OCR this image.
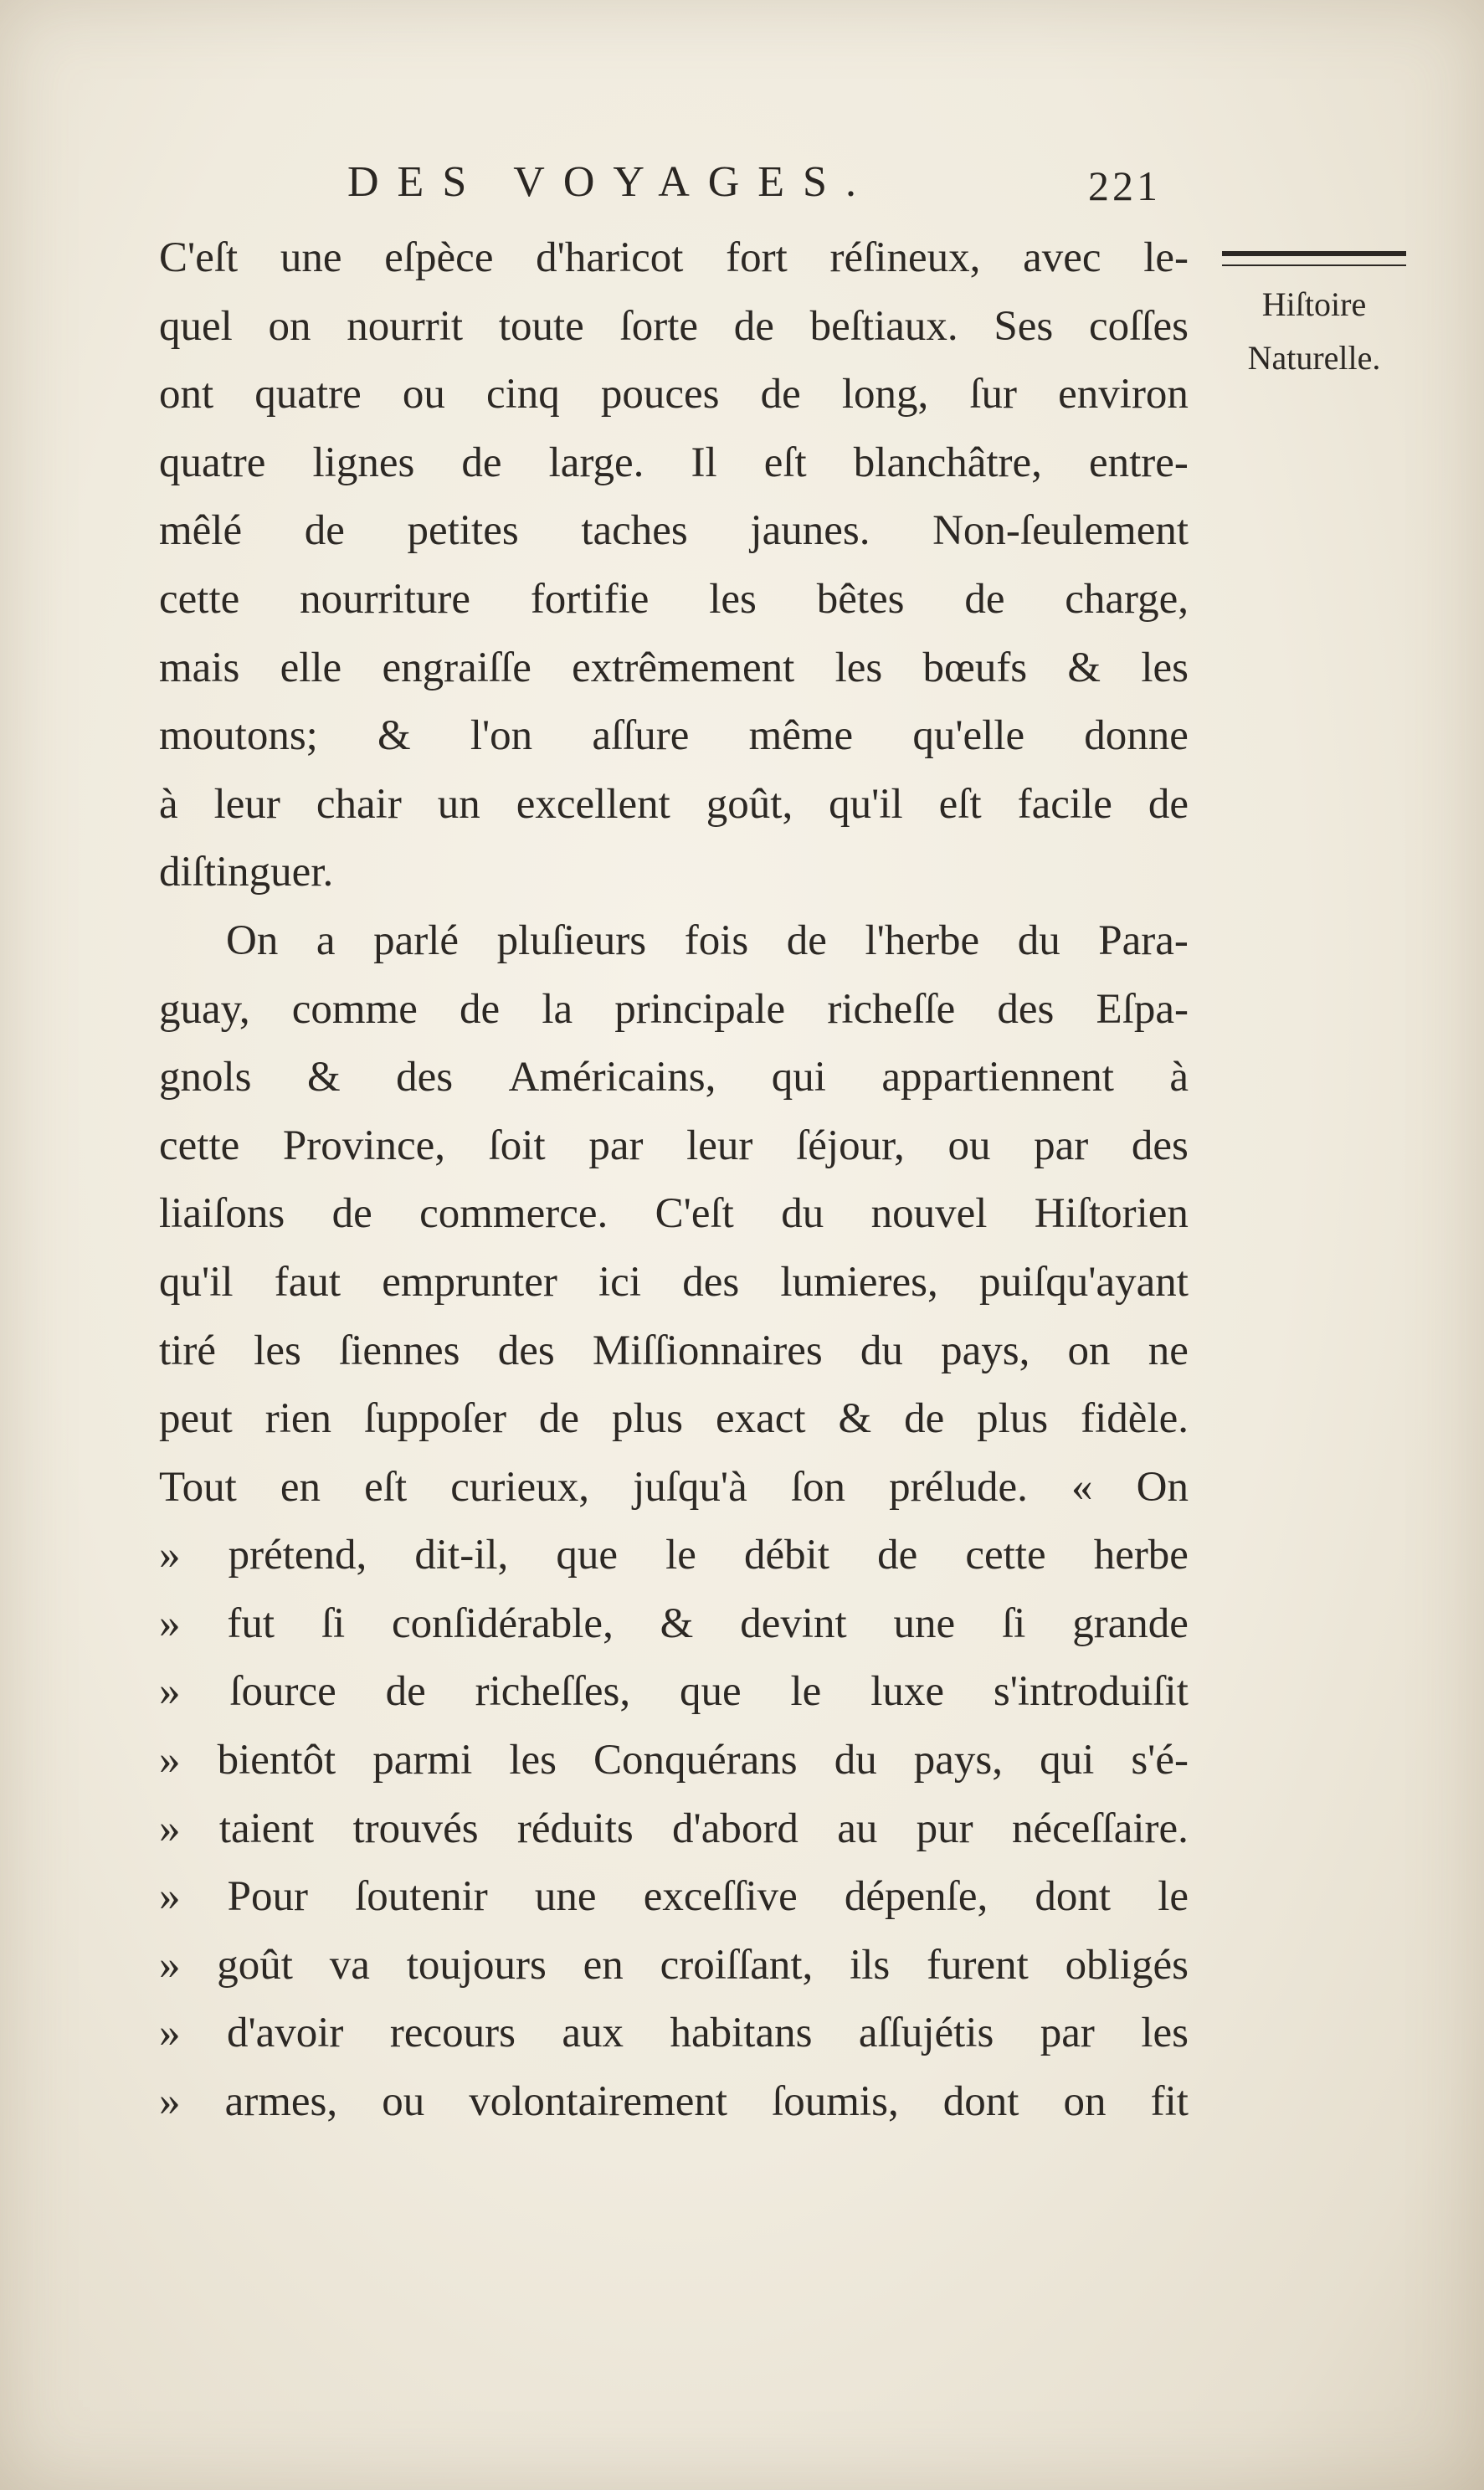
DES VOYAGES.	221
Hiſtoire
Naturelle.
C'eſt une eſpèce d'haricot fort réſineux, avec le-
quel on nourrit toute ſorte de beſtiaux. Ses coſſes
ont quatre ou cinq pouces de long, ſur environ
quatre lignes de large. Il eſt blanchâtre, entre-
mêlé de petites taches jaunes. Non-ſeulement
cette nourriture fortifie les bêtes de charge,
mais elle engraiſſe extrêmement les bœufs & les
moutons; & l'on aſſure même qu'elle donne
à leur chair un excellent goût, qu'il eſt facile de
diſtinguer.
On a parlé pluſieurs fois de l'herbe du Para-
guay, comme de la principale richeſſe des Eſpa-
gnols & des Américains, qui appartiennent à
cette Province, ſoit par leur ſéjour, ou par des
liaiſons de commerce. C'eſt du nouvel Hiſtorien
qu'il faut emprunter ici des lumieres, puiſqu'ayant
tiré les ſiennes des Miſſionnaires du pays, on ne
peut rien ſuppoſer de plus exact & de plus fidèle.
Tout en eſt curieux, juſqu'à ſon prélude. « On
» prétend, dit-il, que le débit de cette herbe
» fut ſi conſidérable, & devint une ſi grande
» ſource de richeſſes, que le luxe s'introduiſit
» bientôt parmi les Conquérans du pays, qui s'é-
» taient trouvés réduits d'abord au pur néceſſaire.
» Pour ſoutenir une exceſſive dépenſe, dont le
» goût va toujours en croiſſant, ils furent obligés
» d'avoir recours aux habitans aſſujétis par les
» armes, ou volontairement ſoumis, dont on fit
